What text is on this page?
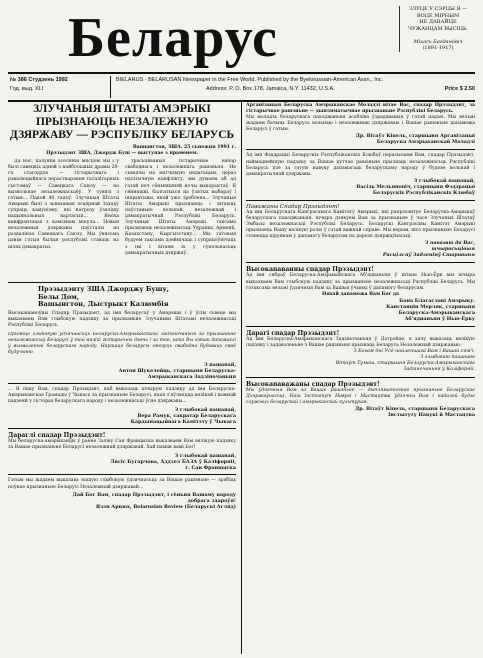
Беларус	ЗЛУЦЕ У СЭРЦЫ Я —
ВОЦЕ МІРНЫМ
НЕ ДАВАЙЦЕ
ЧУЖАНЦАМ ВЫСІЦЬ.

Міхась Багданóвіч
(1891-1917)
№ 386 Студзень 1992
Год. выд. XLI
BIELARUS · BELARUSAN Newspaper in the Free World. Published by the Byelorussian-American Assn., Inc.
Address: P. O. Box 178, Jamaica, N.Y. 11432, U.S.A.	Price $ 2.50
ЗЛУЧАНЫЯ ШТАТЫ АМЭРЫКІ ПРЫЗНАЮЦЬ НЕЗАЛЕЖНУЮ ДЗЯРЖАВУ — РЭСПУБЛІКУ БЕЛАРУСЬ
Вашынгтон, ЗША. 25 сьнежня 1991 г.
Прэзыдэнт ЗША, Джордж Буш — выступае з праменем.

Да Вас, палуяце аселянін мясцові Вы і ў былі савецкіх адной з найбольшых драмы 20-га стагоддзя — гістарычнага і рэвалюцыйнага перастварэння таталітарных сыстэмаў — Савецкага Саюзу — на вызвольнае незалежнасьцёў. У сувязі з гэтым... Пакой 40 гадоў. Злучаныя Штаты Амэрыкі былі з зьвязаныя эсцёрнай Захаду супраць камунізму, які нагрозу ўзялішу нацыянальныя вартасьці... Яноха канфрантацыі з камізмам міnула... Новыя незалежныя дзяржавы паўсталы на развалінах Савецкага Саюзу. Мы ўнясьма цэнім гэтыя былыя рэспублікі ставаць на шлях дэмакратыі.

трасьцяваныя гістарычнае набар свабоднага і незалежнага рашэньня. Не сьведчы на магчымую недатацыю, цераз палітычную канфлікту, мы думаем аб ад гэтай ноч сёньняшняй ночы выкарыстаў. Я сённяшні, балгатыхся на ўзятых выбараў і ініцыятывы, якой ужо зроблена... Злучаныя Штаты Амэрыкі прызнаюць і вітаюць паўстаньне вольнай, незалежнай і дэмакратычнай Рэспублікі Беларусь. Злучаныя Штаты Амэрыкі таксама прызнаюць незалежнасьць Украіны, Арменіі, Казахстану, Кыргызстану... Мы гатовыя будуем таксама дзейнічаць і супрацоўнічаць з імі і вітаем іх у супольнасьць дэмакратычных дзяржаў.

Прэзыдэнту ЗША Джорджу Бушу,
Белы Дом,
Вашынгтон, Дыстрыкт Калюмбія
Высокашаноўны Спадар Прэзыдэнт, ад імя беларусаў у Амэрыцы і ў ўсім сьвеце мы выказваем Вам глыбокую падзяку за прызнаньне Злучанымі Штатамі незалежнасьці Рэспублікі Беларусь.
Прыміце глыбокую ўдзячнасьць Беларуска-Амэрыканскага Задзіночаньня за прызнаньне незалежнасьці Беларусі ў той вялікі гістарычны дзень і за тое, што Вы гэтак дапамаглі ў вызваленьні беларускага народу. Нарэшце беларусы змогуць свабодна будаваць сваё будучыню.
З пашанай,
Антон Шукелойць, старшыня Беларуска-
Амэрыканскага Задзіночаньня
... Я пішу Вам, спадар Прэзыдэнт, каб выказаць шчырую падзяку ад імя Беларуска-Амэрыканскае Грамады ў Чыкага за прызнаньне Беларусі, якая з'яўляецца вялікай і важнай падзеяй у гісторыі беларускага народу і незалежнасьці ўсяе дзяржавы...
З глыбокай пашанай,
Вера Рамук, сакратар Беларускага
Кардынацыйнага Камітэту ў Чыкага
Дараглі спадар Прэзыдэнт!
Мы беларуска-амэрыканцы ў раёне Заліву Сан Францыска выказваем Вам вялікую падзяку за Вашае прызнаньне Беларусі незалежнай дзяржавай. Хай паміж вамі Бог!
З глыбокай пашанай,
Лясіс Бугарчова, Аддзел БАЗА ў Каліфорніі,
г. Сан Францыска
Гэтым мы жадаем выказаць нашую глыбокую ўдзячнасьць за Вашае рашэньне — зрабіць поўнае прызнаньне Беларусі Незалежнай дзяржавай...
Дай Бог Вам, спадар Прэзыдэнт, і сёньня Вашаму народу
добрага здароўя!
Язэп Арцюх, Belarusian Review (Беларускі Агляд)
Арганізацыя Беларуска Амэрыканскае Моладзі вітае Вас, спадар Прэзыдэнт, за гістарычнае рашэньне — дыпляматычнае прызнаньне Рэспублікі Беларусь.
Мы моладзь беларускага паходжаньня асабліва ўзрадаваныя ў гэтай падзеі. Мы вельмі жадаем бачыць Беларусь вольнаю і незалежнаю дзяржаваю і Вашае рашэньне дапаможа Беларусі ў гэтым.
Др. Вітаўт Кіпель, старшыня Арганізацыі
Беларуска Амэрыканскай Моладзі
Ад імя Фэдэрацыі Беларускіх Рэспубліканскіх Клюбаў перасылаем Вам, спадар Прэзыдэнт, наймацнейшую падзяку за Вашае кутчае рашэньне прызнаць незалежнасьць Рэспублікі Беларусь дзе за гэтую навуку дапамагаць беларускаму народу ў будове вольнай і дэмакратычнай дзяржавы.
З глыбокай пашанай,
Васіль Мельяновіч, старшыня Фэдэрацыі
Беларускіх Рэспубліканскіх Клюбаў
Паважаны Спадар Прэзыдэнт!
Ад імя Беларускага Кангрэсавага Камітэту Амэрыкі, які рэпрэзэнтуе Беларуска-Амэрыкаў беларускага паходжаньня, шчыра дзякуем Вам за прызнаньне ў часе Злучаных Штатаў Эмбасы незалежнасьці Рэспублікі Беларусь. Беларускі Кангрэсавы Камітэт Амэрыкі прызнаець Вашу вялікую ролю ў гэтай важнай справе. Мы верым, што прызнаньне Беларусі станецца кірункам у дапамогу беларусам па дарозе дзяржаўнасьці.
З павагаю да Вас,
шчырасьцівыя
Расцілсяў Задзенінў Старшыня
Высокапаванны спадар Прэзыдэнт!
Ад імя сябраў Беларуска-Амэрыканскага Аб'яднаньня ў штаце Нью-Ёрк мы шчыра выказваем Вам глыбокую падзяку за прызнаньне незалежнасьці Рэспублікі Беларусь. Мы гэтаксама вельмі ўдзячныя Вам за Вашыя ўчынкі ў дапамогу беларусам.
Няхай дапаможа Вам Бог да
Бона Благаславі Амэрыку.
Канстанцін Мерляк, старшыня
Беларуска-Амэрыканскага
Аб'яднаньня ў Нью-Ёрку
Дарагі спадар Прэзыдэнт!
Ад імя Беларуска-Амэрыканскага Задзіночаньня ў Дэтройце, я хачу выказаць вялікую падзяку і задаваленьне з Вашае рашэньня прызнаць Беларусь Незалежнай дзяржаваю.
З Богам дні Усё найлепшага Вам і Вашай сям'і.
З глыбокаю пашанаю
Вітаўт Тумаш, старшыня Беларуска-Амэрыканскага
Задзіночаньня ў Каліфорніі.
Высокапаважаны спадар Прэзыдэнт!
Мы ўдзячныя Вам за Вашае рашэньне — дыпляматычнае прызнаньне Беларускае Дзяржаўнасьці. Наш Інстытут Навукі і Мастацтва ўдзячны Вам і надалей будзе служыць беларускай і амэрыканскай культурам.
Др. Вітаўт Кіпель, старшыня Беларускага
Інстытуту Навукі й Мастацтва
